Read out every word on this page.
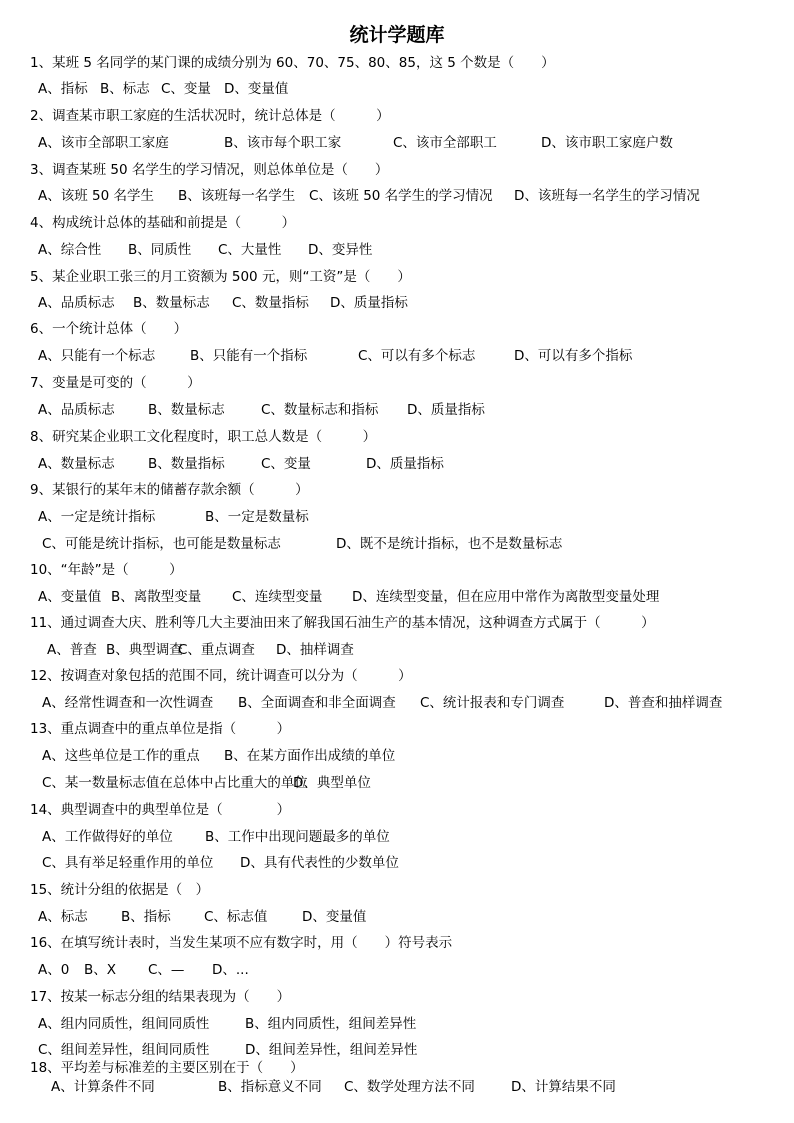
统计学题库
1、某班 5 名同学的某门课的成绩分别为 60、70、75、80、85，这 5 个数是（　　）
A、指标 B、标志 C、变量 D、变量值
2、调查某市职工家庭的生活状况时，统计总体是（　　　）
A、该市全部职工家庭	B、该市每个职工家	C、该市全部职工	D、该市职工家庭户数
3、调查某班 50 名学生的学习情况，则总体单位是（　　）
A、该班 50 名学生 B、该班每一名学生 C、该班 50 名学生的学习情况 D、该班每一名学生的学习情况
4、构成统计总体的基础和前提是（　　　）
A、综合性 B、同质性 C、大量性 D、变异性
5、某企业职工张三的月工资额为 500 元，则“工资”是（　　）
A、品质标志 B、数量标志 C、数量指标 D、质量指标
6、一个统计总体（　　）
A、只能有一个标志	B、只能有一个指标	C、可以有多个标志	D、可以有多个指标
7、变量是可变的（　　　）
A、品质标志 B、数量标志	C、数量标志和指标 D、质量指标
8、研究某企业职工文化程度时，职工总人数是（　　　）
A、数量标志 B、数量指标	C、变量	D、质量指标
9、某银行的某年末的储蓄存款余额（　　　）
A、一定是统计指标	B、一定是数量标
C、可能是统计指标，也可能是数量标志	D、既不是统计指标，也不是数量标志
10、“年龄”是（　　　）
A、变量值 B、离散型变量 C、连续型变量 D、连续型变量，但在应用中常作为离散型变量处理
11、通过调查大庆、胜利等几大主要油田来了解我国石油生产的基本情况，这种调查方式属于（　　　）
A、普查 B、典型调查
C、重点调查 D、抽样调查
12、按调查对象包括的范围不同，统计调查可以分为（　　　）
A、经常性调查和一次性调查 B、全面调查和非全面调查 C、统计报表和专门调查	D、普查和抽样调查
13、重点调查中的重点单位是指（　　　）
A、这些单位是工作的重点 B、在某方面作出成绩的单位
C、某一数量标志值在总体中占比重大的单位
D、典型单位
14、典型调查中的典型单位是（　　　　）
A、工作做得好的单位 B、工作中出现问题最多的单位
C、具有举足轻重作用的单位 D、具有代表性的少数单位
15、统计分组的依据是（　）
A、标志 B、指标 C、标志值	D、变量值
16、在填写统计表时，当发生某项不应有数字时，用（　　）符号表示
A、0 B、X C、— D、...
17、按某一标志分组的结果表现为（　　）
A、组内同质性，组间同质性	B、组内同质性，组间差异性
C、组间差异性，组间同质性	D、组间差异性，组间差异性
18、平均差与标准差的主要区别在于（　　）
A、计算条件不同	B、指标意义不同 C、数学处理方法不同	D、计算结果不同
